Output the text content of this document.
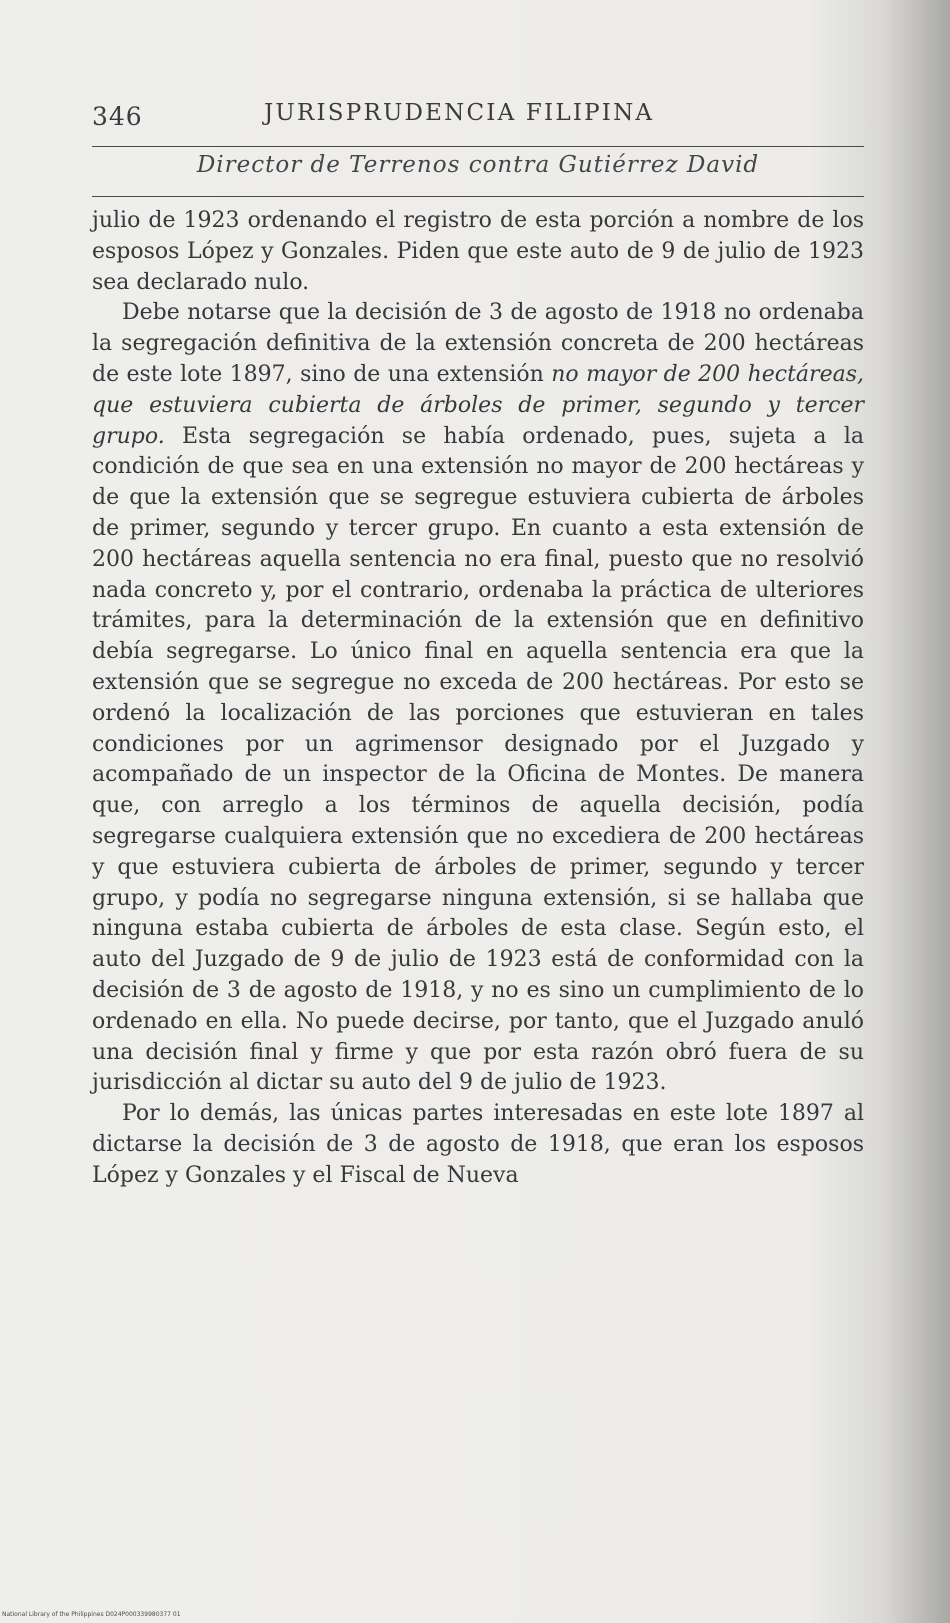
346	JURISPRUDENCIA FILIPINA
Director de Terrenos contra Gutiérrez David

julio de 1923 ordenando el registro de esta porción a nombre de los esposos López y Gonzales. Piden que este auto de 9 de julio de 1923 sea declarado nulo.

Debe notarse que la decisión de 3 de agosto de 1918 no ordenaba la segregación definitiva de la extensión concreta de 200 hectáreas de este lote 1897, sino de una extensión no mayor de 200 hectáreas, que estuviera cubierta de árboles de primer, segundo y tercer grupo. Esta segregación se había ordenado, pues, sujeta a la condición de que sea en una extensión no mayor de 200 hectáreas y de que la extensión que se segregue estuviera cubierta de árboles de primer, segundo y tercer grupo. En cuanto a esta extensión de 200 hectáreas aquella sentencia no era final, puesto que no resolvió nada concreto y, por el contrario, ordenaba la práctica de ulteriores trámites, para la determinación de la extensión que en definitivo debía segregarse. Lo único final en aquella sentencia era que la extensión que se segregue no exceda de 200 hectáreas. Por esto se ordenó la localización de las porciones que estuvieran en tales condiciones por un agrimensor designado por el Juzgado y acompañado de un inspector de la Oficina de Montes. De manera que, con arreglo a los términos de aquella decisión, podía segregarse cualquiera extensión que no excediera de 200 hectáreas y que estuviera cubierta de árboles de primer, segundo y tercer grupo, y podía no segregarse ninguna extensión, si se hallaba que ninguna estaba cubierta de árboles de esta clase. Según esto, el auto del Juzgado de 9 de julio de 1923 está de conformidad con la decisión de 3 de agosto de 1918, y no es sino un cumplimiento de lo ordenado en ella. No puede decirse, por tanto, que el Juzgado anuló una decisión final y firme y que por esta razón obró fuera de su jurisdicción al dictar su auto del 9 de julio de 1923.

Por lo demás, las únicas partes interesadas en este lote 1897 al dictarse la decisión de 3 de agosto de 1918, que eran los esposos López y Gonzales y el Fiscal de Nueva

National Library of the Philippines D024P000339980377 01
